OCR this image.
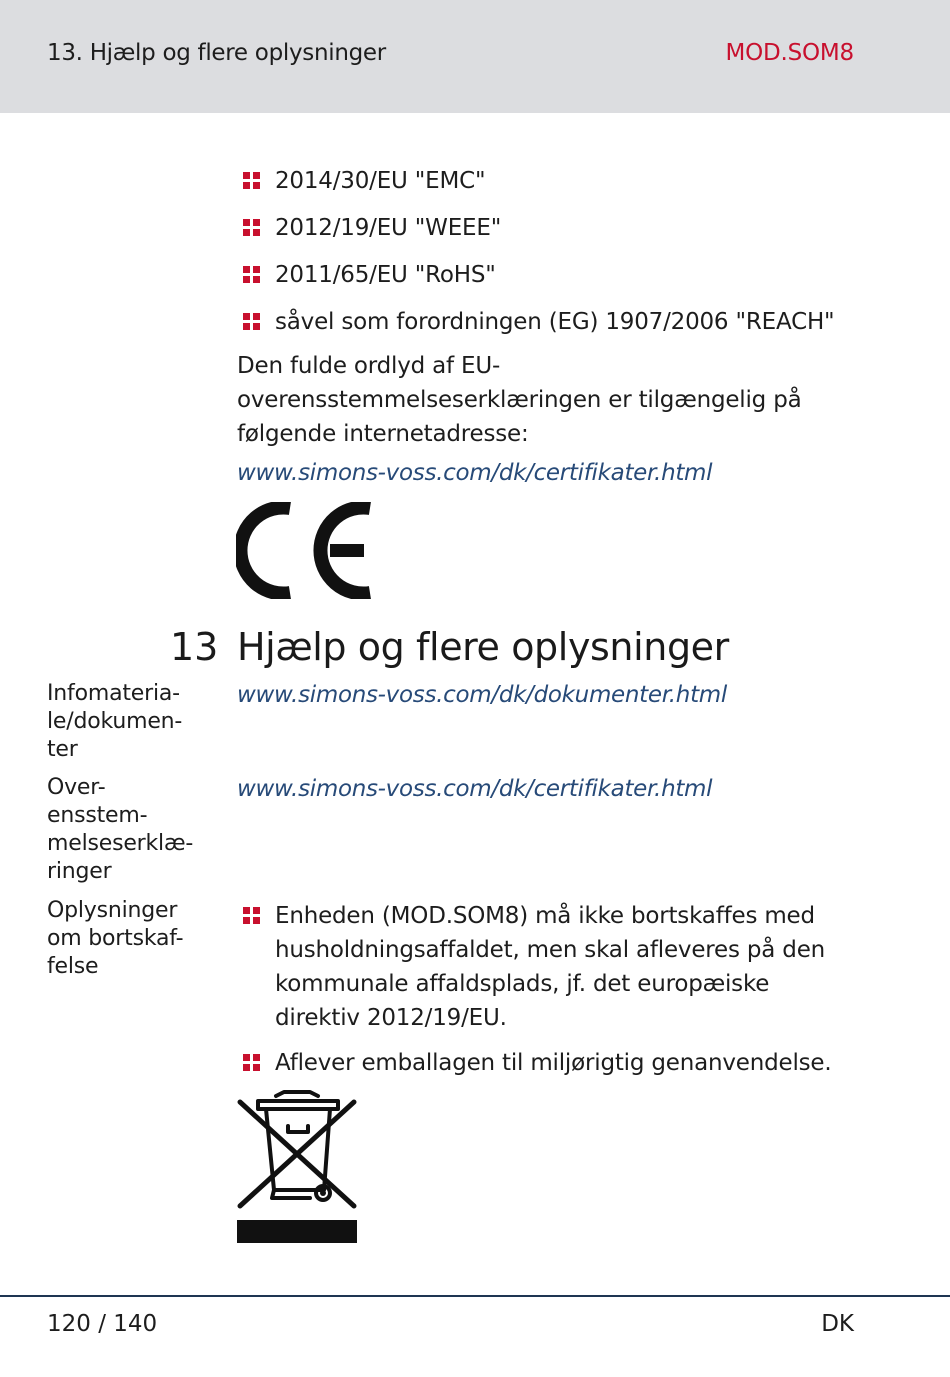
13. Hjælp og flere oplysninger	MOD.SOM8
2014/30/EU "EMC"
2012/19/EU "WEEE"
2011/65/EU "RoHS"
såvel som forordningen (EG) 1907/2006 "REACH"
Den fulde ordlyd af EU-
overensstemmelseserklæringen er tilgængelig på
følgende internetadresse:
www.simons-voss.com/dk/certifikater.html
13 Hjælp og flere oplysninger
Infomateria-
le/dokumen-
ter
www.simons-voss.com/dk/dokumenter.html
Over-
ensstem-
melseserklæ-
ringer
www.simons-voss.com/dk/certifikater.html
Oplysninger
om bortskaf-
felse
Enheden (MOD.SOM8) må ikke bortskaffes med
husholdningsaffaldet, men skal afleveres på den
kommunale affaldsplads, jf. det europæiske
direktiv 2012/19/EU.
Aflever emballagen til miljørigtig genanvendelse.
120 / 140	DK
